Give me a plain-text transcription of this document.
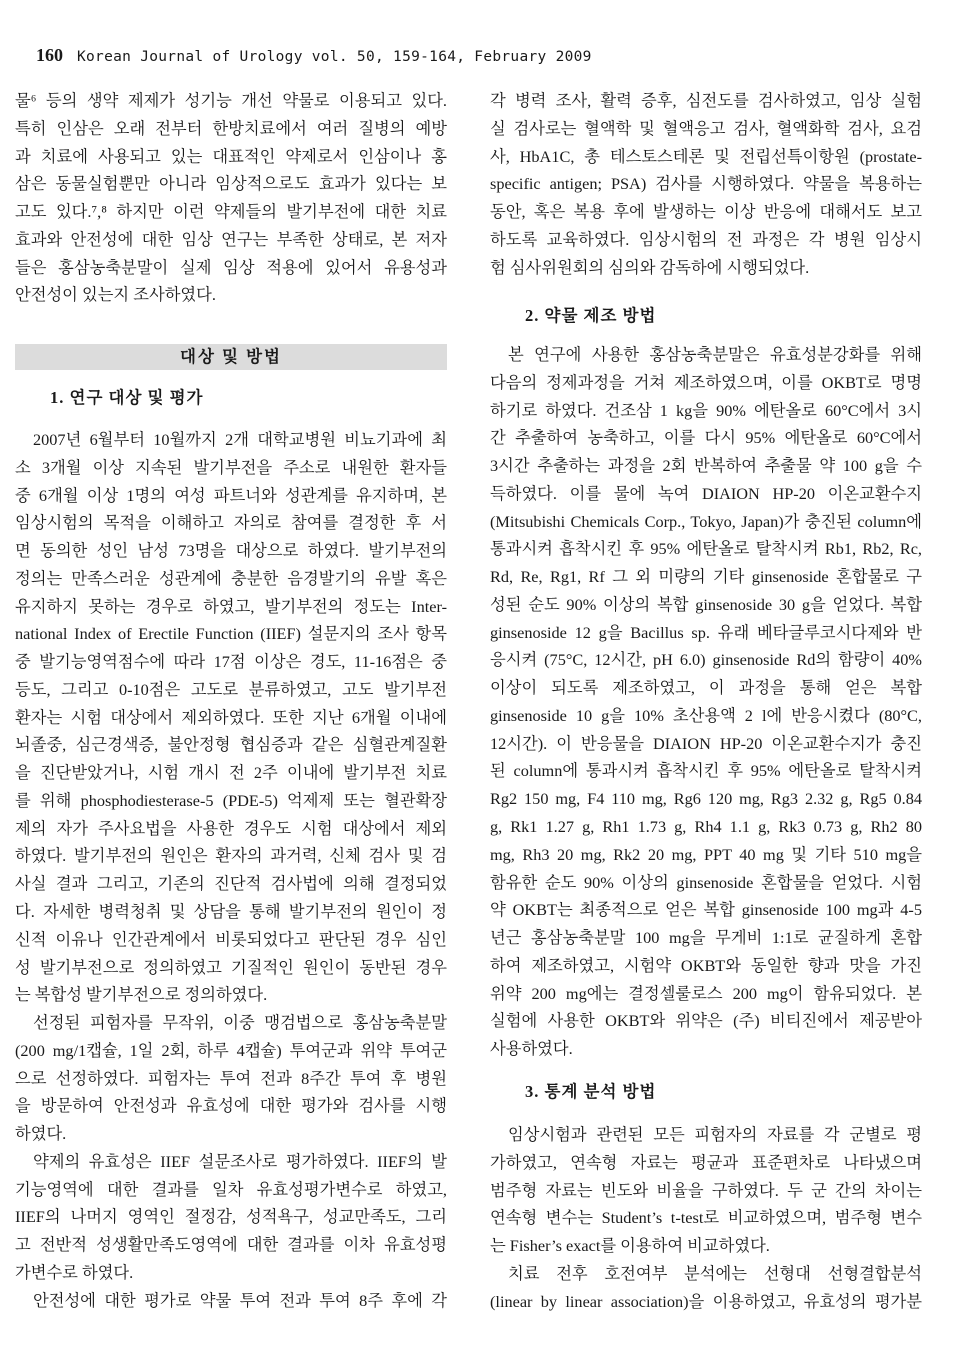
160 Korean Journal of Urology vol. 50, 159-164, February 2009
물⁶ 등의 생약 제제가 성기능 개선 약물로 이용되고 있다.
특히 인삼은 오래 전부터 한방치료에서 여러 질병의 예방
과 치료에 사용되고 있는 대표적인 약제로서 인삼이나 홍
삼은 동물실험뿐만 아니라 임상적으로도 효과가 있다는 보
고도 있다.⁷,⁸ 하지만 이런 약제들의 발기부전에 대한 치료
효과와 안전성에 대한 임상 연구는 부족한 상태로, 본 저자
들은 홍삼농축분말이 실제 임상 적용에 있어서 유용성과
안전성이 있는지 조사하였다.
대상 및 방법
1. 연구 대상 및 평가
2007년 6월부터 10월까지 2개 대학교병원 비뇨기과에 최
소 3개월 이상 지속된 발기부전을 주소로 내원한 환자들
중 6개월 이상 1명의 여성 파트너와 성관계를 유지하며, 본
임상시험의 목적을 이해하고 자의로 참여를 결정한 후 서
면 동의한 성인 남성 73명을 대상으로 하였다. 발기부전의
정의는 만족스러운 성관계에 충분한 음경발기의 유발 혹은
유지하지 못하는 경우로 하였고, 발기부전의 정도는 Inter-
national Index of Erectile Function (IIEF) 설문지의 조사 항목
중 발기능영역점수에 따라 17점 이상은 경도, 11-16점은 중
등도, 그리고 0-10점은 고도로 분류하였고, 고도 발기부전
환자는 시험 대상에서 제외하였다. 또한 지난 6개월 이내에
뇌졸중, 심근경색증, 불안정형 협심증과 같은 심혈관계질환
을 진단받았거나, 시험 개시 전 2주 이내에 발기부전 치료
를 위해 phosphodiesterase-5 (PDE-5) 억제제 또는 혈관확장
제의 자가 주사요법을 사용한 경우도 시험 대상에서 제외
하였다. 발기부전의 원인은 환자의 과거력, 신체 검사 및 검
사실 결과 그리고, 기존의 진단적 검사법에 의해 결정되었
다. 자세한 병력청취 및 상담을 통해 발기부전의 원인이 정
신적 이유나 인간관계에서 비롯되었다고 판단된 경우 심인
성 발기부전으로 정의하였고 기질적인 원인이 동반된 경우
는 복합성 발기부전으로 정의하였다.
선정된 피험자를 무작위, 이중 맹검법으로 홍삼농축분말
(200 mg/1캡슐, 1일 2회, 하루 4캡슐) 투여군과 위약 투여군
으로 선정하였다. 피험자는 투여 전과 8주간 투여 후 병원
을 방문하여 안전성과 유효성에 대한 평가와 검사를 시행
하였다.
약제의 유효성은 IIEF 설문조사로 평가하였다. IIEF의 발
기능영역에 대한 결과를 일차 유효성평가변수로 하였고,
IIEF의 나머지 영역인 절정감, 성적욕구, 성교만족도, 그리
고 전반적 성생활만족도영역에 대한 결과를 이차 유효성평
가변수로 하였다.
안전성에 대한 평가로 약물 투여 전과 투여 8주 후에 각
각 병력 조사, 활력 증후, 심전도를 검사하였고, 임상 실험
실 검사로는 혈액학 및 혈액응고 검사, 혈액화학 검사, 요검
사, HbA1C, 총 테스토스테론 및 전립선특이항원 (prostate-
specific antigen; PSA) 검사를 시행하였다. 약물을 복용하는
동안, 혹은 복용 후에 발생하는 이상 반응에 대해서도 보고
하도록 교육하였다. 임상시험의 전 과정은 각 병원 임상시
험 심사위원회의 심의와 감독하에 시행되었다.
2. 약물 제조 방법
본 연구에 사용한 홍삼농축분말은 유효성분강화를 위해
다음의 정제과정을 거쳐 제조하였으며, 이를 OKBT로 명명
하기로 하였다. 건조삼 1 kg을 90% 에탄올로 60°C에서 3시
간 추출하여 농축하고, 이를 다시 95% 에탄올로 60°C에서
3시간 추출하는 과정을 2회 반복하여 추출물 약 100 g을 수
득하였다. 이를 물에 녹여 DIAION HP-20 이온교환수지
(Mitsubishi Chemicals Corp., Tokyo, Japan)가 충진된 column에
통과시켜 흡착시킨 후 95% 에탄올로 탈착시켜 Rb1, Rb2, Rc,
Rd, Re, Rg1, Rf 그 외 미량의 기타 ginsenoside 혼합물로 구
성된 순도 90% 이상의 복합 ginsenoside 30 g을 얻었다. 복합
ginsenoside 12 g을 Bacillus sp. 유래 베타글루코시다제와 반
응시켜 (75°C, 12시간, pH 6.0) ginsenoside Rd의 함량이 40%
이상이 되도록 제조하였고, 이 과정을 통해 얻은 복합
ginsenoside 10 g을 10% 초산용액 2 l에 반응시켰다 (80°C,
12시간). 이 반응물을 DIAION HP-20 이온교환수지가 충진
된 column에 통과시켜 흡착시킨 후 95% 에탄올로 탈착시켜
Rg2 150 mg, F4 110 mg, Rg6 120 mg, Rg3 2.32 g, Rg5 0.84
g, Rk1 1.27 g, Rh1 1.73 g, Rh4 1.1 g, Rk3 0.73 g, Rh2 80
mg, Rh3 20 mg, Rk2 20 mg, PPT 40 mg 및 기타 510 mg을
함유한 순도 90% 이상의 ginsenoside 혼합물을 얻었다. 시험
약 OKBT는 최종적으로 얻은 복합 ginsenoside 100 mg과 4-5
년근 홍삼농축분말 100 mg을 무게비 1:1로 균질하게 혼합
하여 제조하였고, 시험약 OKBT와 동일한 향과 맛을 가진
위약 200 mg에는 결정셀룰로스 200 mg이 함유되었다. 본
실험에 사용한 OKBT와 위약은 (주) 비티진에서 제공받아
사용하였다.
3. 통계 분석 방법
임상시험과 관련된 모든 피험자의 자료를 각 군별로 평
가하였고, 연속형 자료는 평균과 표준편차로 나타냈으며
범주형 자료는 빈도와 비율을 구하였다. 두 군 간의 차이는
연속형 변수는 Student’s t-test로 비교하였으며, 범주형 변수
는 Fisher’s exact를 이용하여 비교하였다.
치료 전후 호전여부 분석에는 선형대 선형결합분석
(linear by linear association)을 이용하였고, 유효성의 평가분
